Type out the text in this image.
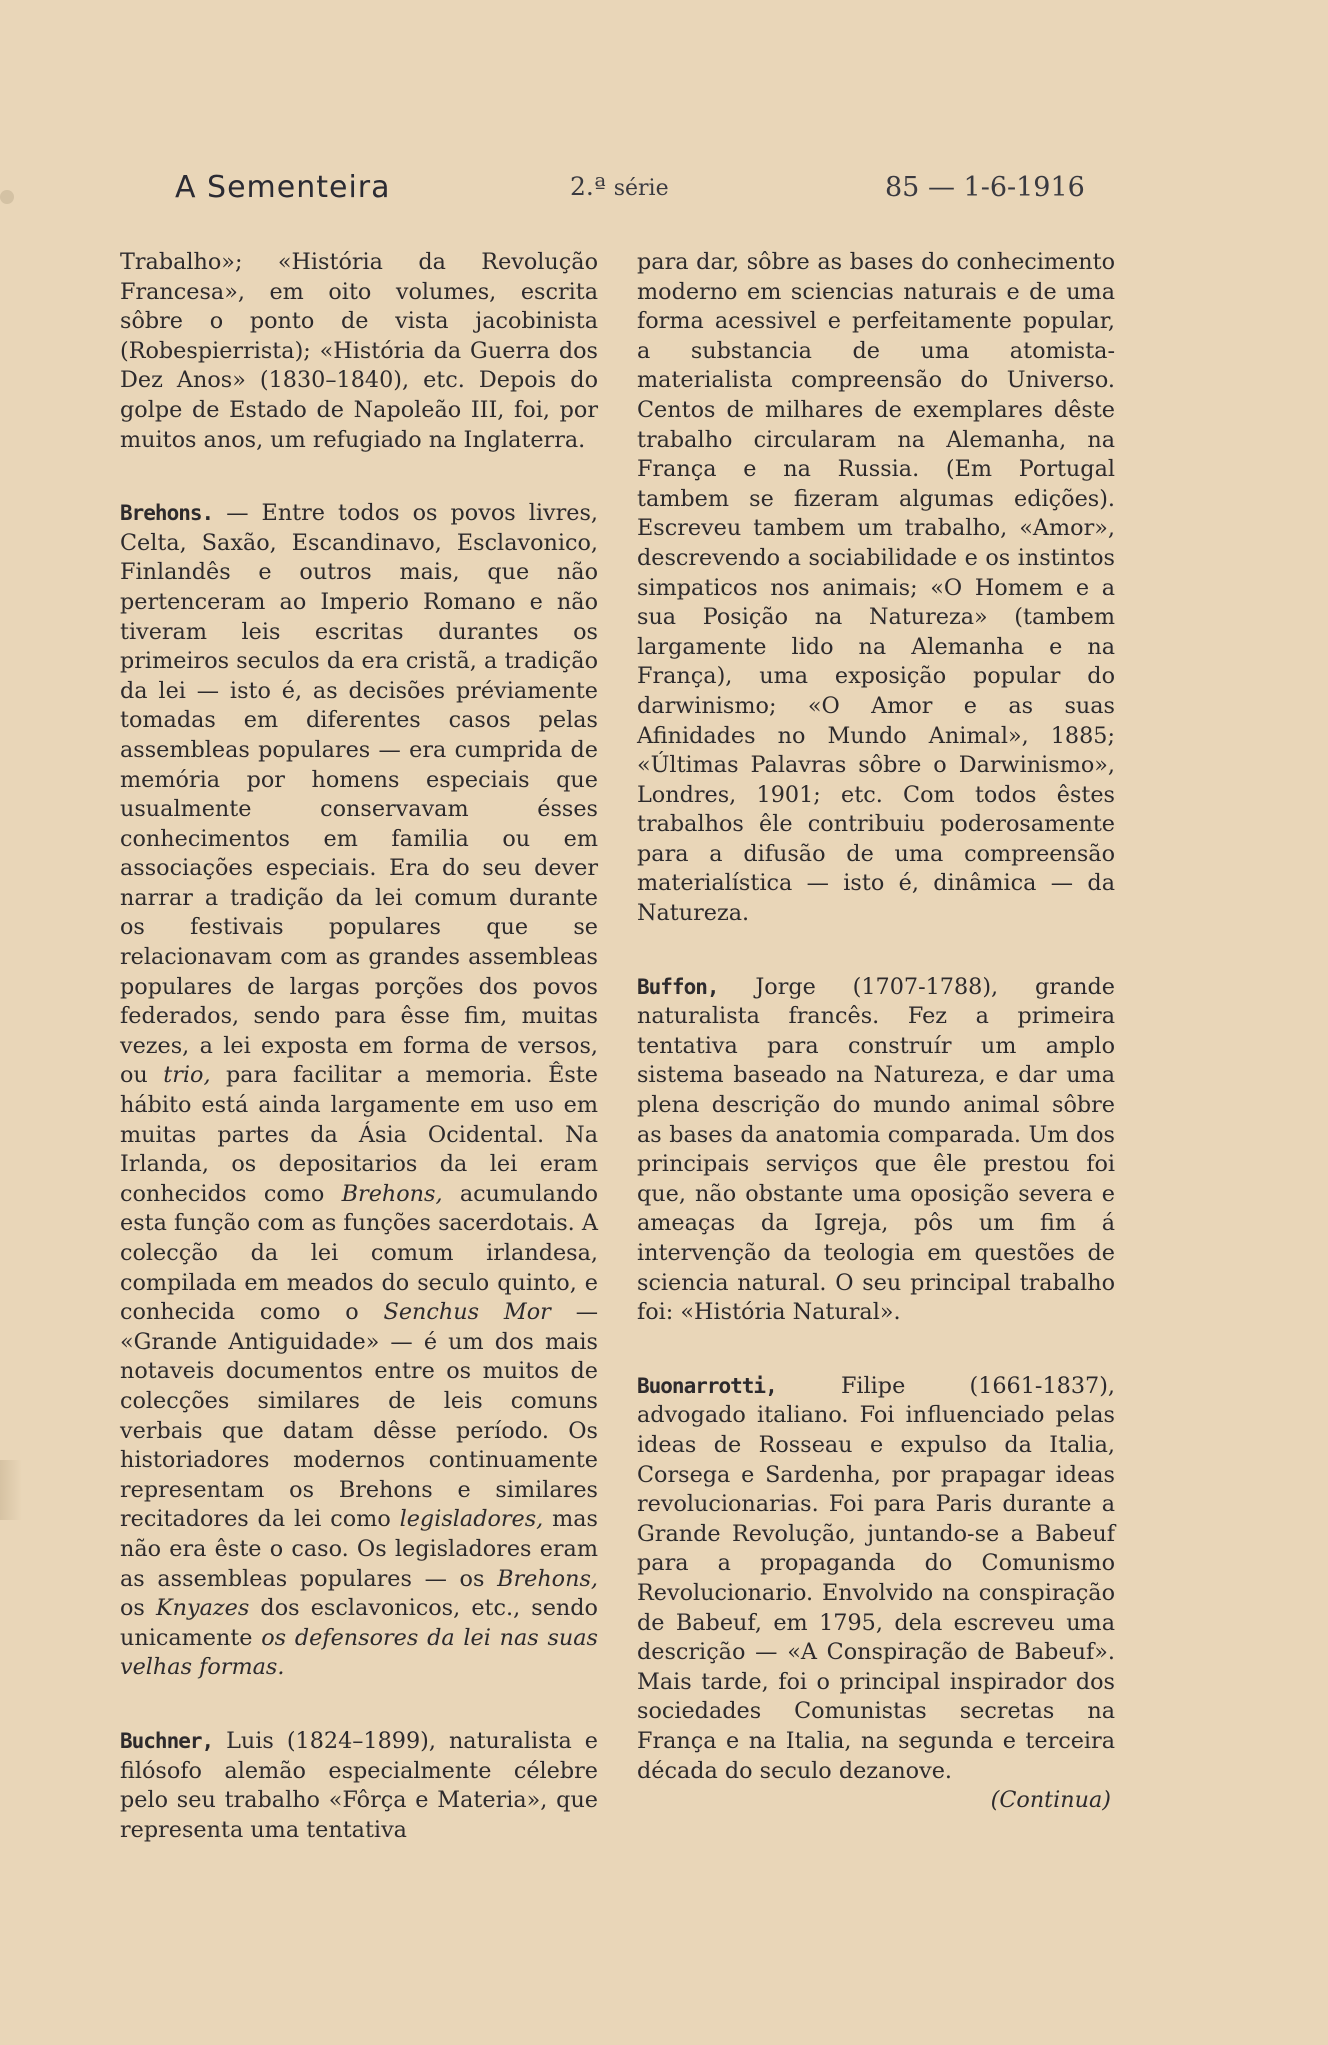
A Sementeira	2.ª série	85 — 1-6-1916

Trabalho»; «História da Revolução Francesa», em oito volumes, escrita sôbre o ponto de vista jacobinista (Robespierrista); «História da Guerra dos Dez Anos» (1830–1840), etc. Depois do golpe de Estado de Napoleão III, foi, por muitos anos, um refugiado na Inglaterra.

Brehons. — Entre todos os povos livres, Celta, Saxão, Escandinavo, Esclavonico, Finlandês e outros mais, que não pertenceram ao Imperio Romano e não tiveram leis escritas durantes os primeiros seculos da era cristã, a tradição da lei — isto é, as decisões préviamente tomadas em diferentes casos pelas assembleas populares — era cumprida de memória por homens especiais que usualmente conservavam ésses conhecimentos em familia ou em associações especiais. Era do seu dever narrar a tradição da lei comum durante os festivais populares que se relacionavam com as grandes assembleas populares de largas porções dos povos federados, sendo para êsse fim, muitas vezes, a lei exposta em forma de versos, ou trio, para facilitar a memoria. Êste hábito está ainda largamente em uso em muitas partes da Ásia Ocidental. Na Irlanda, os depositarios da lei eram conhecidos como Brehons, acumulando esta função com as funções sacerdotais. A colecção da lei comum irlandesa, compilada em meados do seculo quinto, e conhecida como o Senchus Mor — «Grande Antiguidade» — é um dos mais notaveis documentos entre os muitos de colecções similares de leis comuns verbais que datam dêsse período. Os historiadores modernos continuamente representam os Brehons e similares recitadores da lei como legisladores, mas não era êste o caso. Os legisladores eram as assembleas populares — os Brehons, os Knyazes dos esclavonicos, etc., sendo unicamente os defensores da lei nas suas velhas formas.

Buchner, Luis (1824–1899), naturalista e filósofo alemão especialmente célebre pelo seu trabalho «Fôrça e Materia», que representa uma tentativa

para dar, sôbre as bases do conhecimento moderno em sciencias naturais e de uma forma acessivel e perfeitamente popular, a substancia de uma atomista-materialista compreensão do Universo. Centos de milhares de exemplares dêste trabalho circularam na Alemanha, na França e na Russia. (Em Portugal tambem se fizeram algumas edições). Escreveu tambem um trabalho, «Amor», descrevendo a sociabilidade e os instintos simpaticos nos animais; «O Homem e a sua Posição na Natureza» (tambem largamente lido na Alemanha e na França), uma exposição popular do darwinismo; «O Amor e as suas Afinidades no Mundo Animal», 1885; «Últimas Palavras sôbre o Darwinismo», Londres, 1901; etc. Com todos êstes trabalhos êle contribuiu poderosamente para a difusão de uma compreensão materialística — isto é, dinâmica — da Natureza.

Buffon, Jorge (1707-1788), grande naturalista francês. Fez a primeira tentativa para construír um amplo sistema baseado na Natureza, e dar uma plena descrição do mundo animal sôbre as bases da anatomia comparada. Um dos principais serviços que êle prestou foi que, não obstante uma oposição severa e ameaças da Igreja, pôs um fim á intervenção da teologia em questões de sciencia natural. O seu principal trabalho foi: «História Natural».

Buonarrotti, Filipe (1661-1837), advogado italiano. Foi influenciado pelas ideas de Rosseau e expulso da Italia, Corsega e Sardenha, por prapagar ideas revolucionarias. Foi para Paris durante a Grande Revolução, juntando-se a Babeuf para a propaganda do Comunismo Revolucionario. Envolvido na conspiração de Babeuf, em 1795, dela escreveu uma descrição — «A Conspiração de Babeuf». Mais tarde, foi o principal inspirador dos sociedades Comunistas secretas na França e na Italia, na segunda e terceira década do seculo dezanove.

(Continua)
